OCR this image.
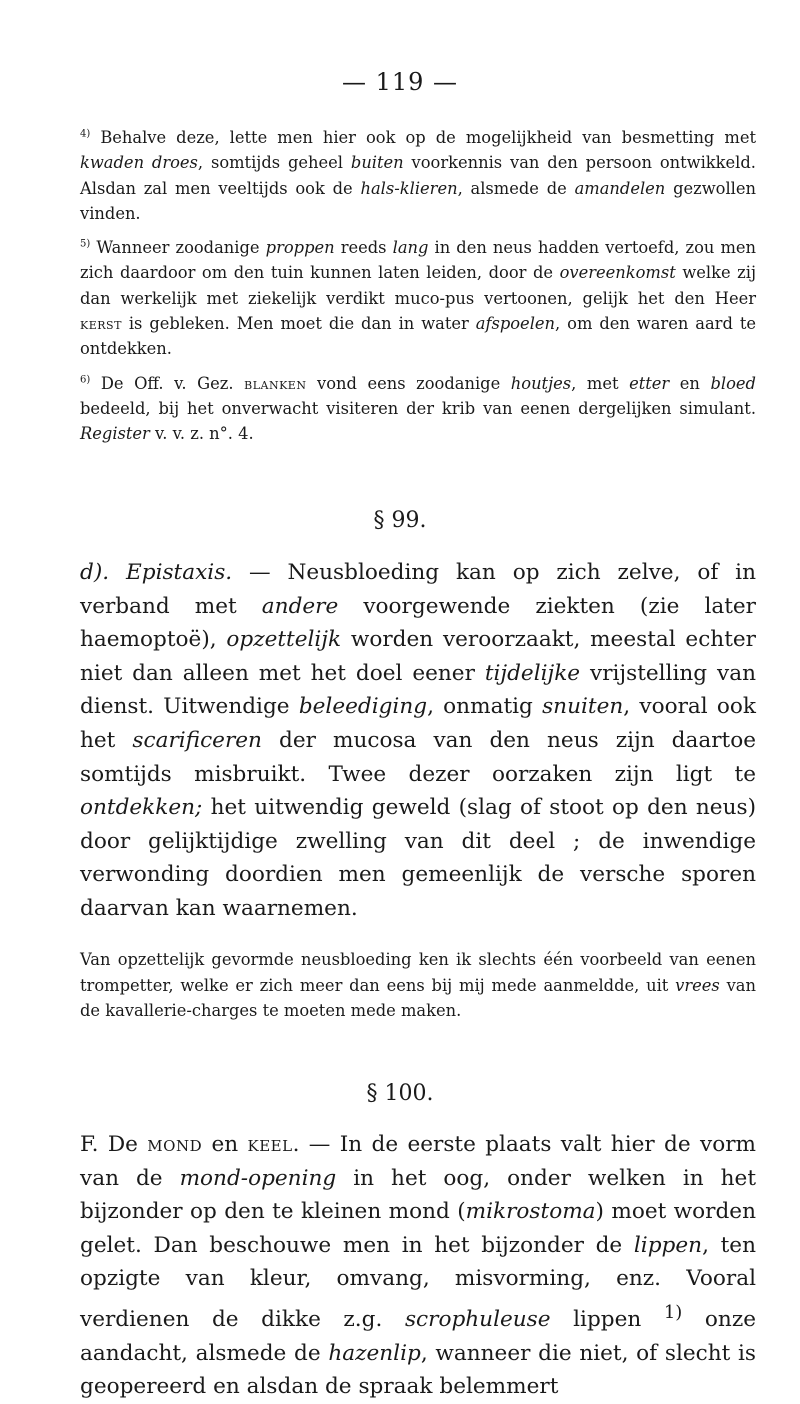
— 119 —

$^{4)}$ Behalve deze, lette men hier ook op de mogelijkheid van besmetting met kwaden droes, somtijds geheel buiten voorkennis van den persoon ontwikkeld. Alsdan zal men veeltijds ook de hals-klieren, alsmede de amandelen gezwollen vinden.

$^{5)}$ Wanneer zoodanige proppen reeds lang in den neus hadden vertoefd, zou men zich daardoor om den tuin kunnen laten leiden, door de overeenkomst welke zij dan werkelijk met ziekelijk verdikt muco-pus vertoonen, gelijk het den Heer kerst is gebleken. Men moet die dan in water afspoelen, om den waren aard te ontdekken.

$^{6)}$ De Off. v. Gez. blanken vond eens zoodanige houtjes, met etter en bloed bedeeld, bij het onverwacht visiteren der krib van eenen dergelijken simulant. Register v. v. z. n°. 4.

§ 99.
d). Epistaxis. — Neusbloeding kan op zich zelve, of in verband met andere voorgewende ziekten (zie later haemoptoë), opzettelijk worden veroorzaakt, meestal echter niet dan alleen met het doel eener tijdelijke vrijstelling van dienst. Uitwendige beleediging, onmatig snuiten, vooral ook het scarificeren der mucosa van den neus zijn daartoe somtijds misbruikt. Twee dezer oorzaken zijn ligt te ontdekken; het uitwendig geweld (slag of stoot op den neus) door gelijktijdige zwelling van dit deel ; de inwendige verwonding doordien men gemeenlijk de versche sporen daarvan kan waarnemen.
Van opzettelijk gevormde neusbloeding ken ik slechts één voorbeeld van eenen trompetter, welke er zich meer dan eens bij mij mede aanmeldde, uit vrees van de kavallerie-charges te moeten mede maken.
§ 100.
F. De mond en keel. — In de eerste plaats valt hier de vorm van de mond-opening in het oog, onder welken in het bijzonder op den te kleinen mond (mikrostoma) moet worden gelet. Dan beschouwe men in het bijzonder de lippen, ten opzigte van kleur, omvang, misvorming, enz. Vooral verdienen de dikke z.g. scrophuleuse lippen $^{1)}$ onze aandacht, alsmede de hazenlip, wanneer die niet, of slecht is geopereerd en alsdan de spraak belemmert
